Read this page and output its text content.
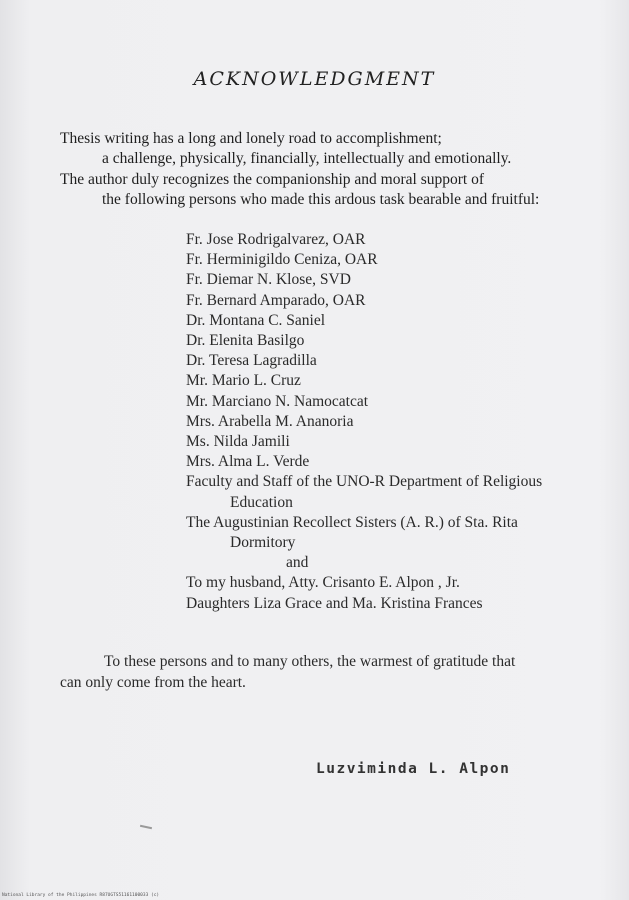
ACKNOWLEDGMENT
Thesis writing has a long and lonely road to accomplishment;
a challenge, physically, financially, intellectually and emotionally.
The author duly recognizes the companionship and moral support of
the following persons who made this ardous task bearable and fruitful:
Fr. Jose Rodrigalvarez, OAR
Fr. Herminigildo Ceniza, OAR
Fr. Diemar N. Klose, SVD
Fr. Bernard Amparado, OAR
Dr. Montana C. Saniel
Dr. Elenita Basilgo
Dr. Teresa Lagradilla
Mr. Mario L. Cruz
Mr. Marciano N. Namocatcat
Mrs. Arabella M. Ananoria
Ms. Nilda Jamili
Mrs. Alma L. Verde
Faculty and Staff of the UNO-R Department of Religious
Education
The Augustinian Recollect Sisters (A. R.) of Sta. Rita
Dormitory
and
To my husband, Atty. Crisanto E. Alpon , Jr.
Daughters Liza Grace and Ma. Kristina Frances
To these persons and to many others, the warmest of gratitude that
can only come from the heart.
Luzviminda L. Alpon
National Library of the Philippines R87UGTS51161100033 (c)
